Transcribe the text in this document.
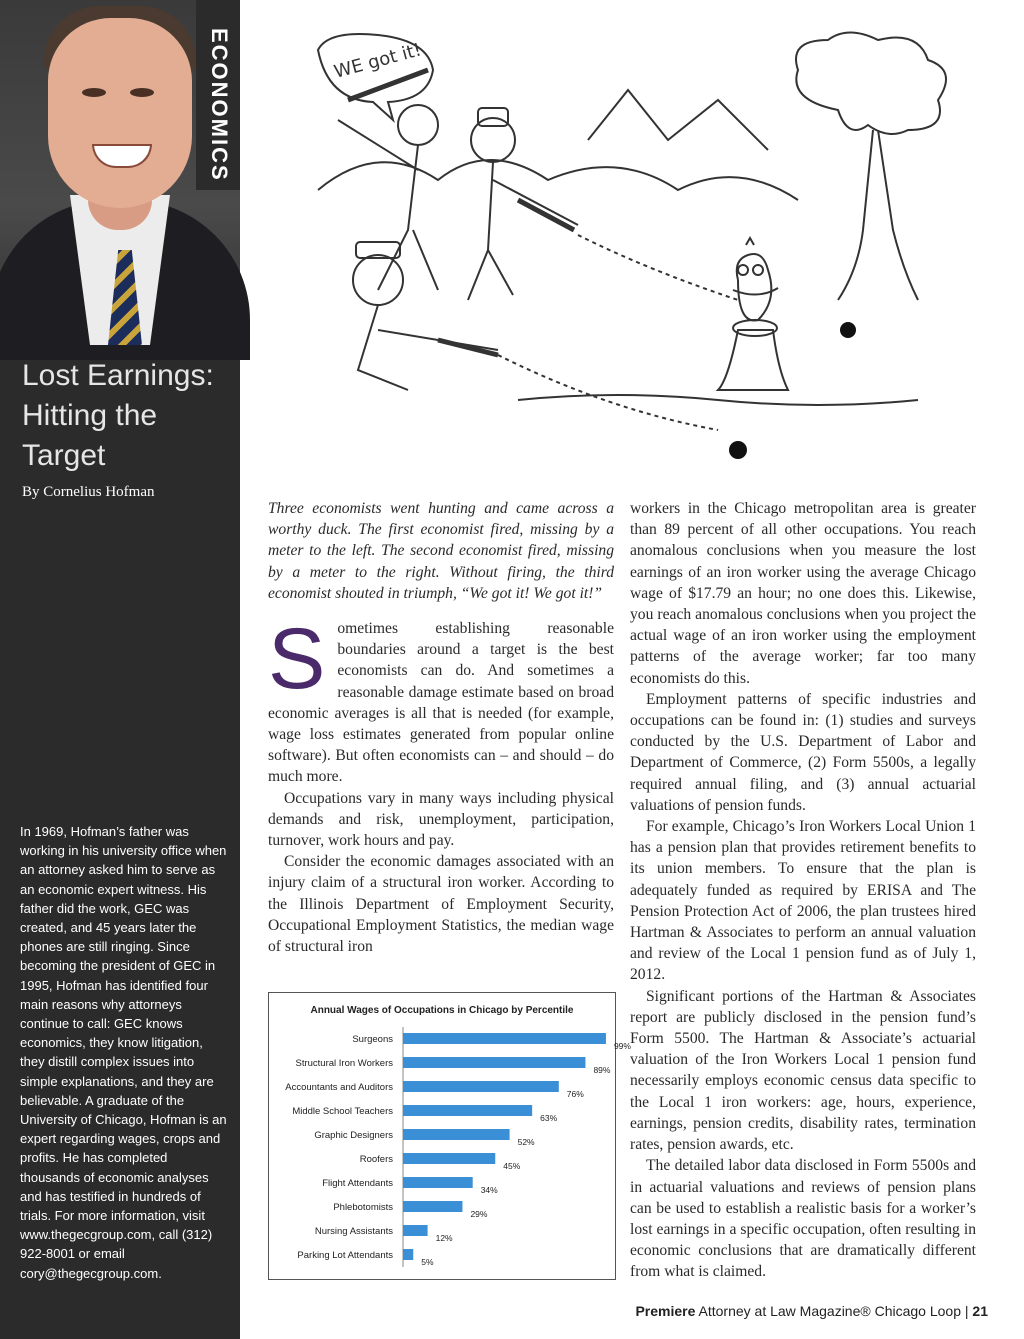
ECONOMICS
Lost Earnings: Hitting the Target
By Cornelius Hofman
In 1969, Hofman’s father was working in his university office when an attorney asked him to serve as an economic expert witness. His father did the work, GEC was created, and 45 years later the phones are still ringing. Since becoming the president of GEC in 1995, Hofman has identified four main reasons why attorneys continue to call: GEC knows economics, they know litigation, they distill complex issues into simple explanations, and they are believable. A graduate of the University of Chicago, Hofman is an expert regarding wages, crops and profits. He has completed thousands of economic analyses and has testified in hundreds of trials. For more information, visit www.thegecgroup.com, call (312) 922-8001 or email cory@thegecgroup.com.
WE got it!

Three economists went hunting and came across a worthy duck. The first economist fired, missing by a meter to the left. The second economist fired, missing by a meter to the right. Without firing, the third economist shouted in triumph, “We got it! We got it!”

Sometimes establishing reasonable boundaries around a target is the best economists can do. And sometimes a reasonable damage estimate based on broad economic averages is all that is needed (for example, wage loss estimates generated from popular online software). But often economists can – and should – do much more.

Occupations vary in many ways including physical demands and risk, unemployment, participation, turnover, work hours and pay.

Consider the economic damages associated with an injury claim of a structural iron worker. According to the Illinois Department of Employment Security, Occupational Employment Statistics, the median wage of structural iron

Annual Wages of Occupations in Chicago by Percentile
Surgeons
99%
Structural Iron Workers
89%
Accountants and Auditors
76%
Middle School Teachers
63%
Graphic Designers
52%
Roofers
45%
Flight Attendants
34%
Phlebotomists
29%
Nursing Assistants
12%
Parking Lot Attendants
5%

workers in the Chicago metropolitan area is greater than 89 percent of all other occupations. You reach anomalous conclusions when you measure the lost earnings of an iron worker using the average Chicago wage of $17.79 an hour; no one does this. Likewise, you reach anomalous conclusions when you project the actual wage of an iron worker using the employment patterns of the average worker; far too many economists do this.

Employment patterns of specific industries and occupations can be found in: (1) studies and surveys conducted by the U.S. Department of Labor and Department of Commerce, (2) Form 5500s, a legally required annual filing, and (3) annual actuarial valuations of pension funds.

For example, Chicago’s Iron Workers Local Union 1 has a pension plan that provides retirement benefits to its union members. To ensure that the plan is adequately funded as required by ERISA and The Pension Protection Act of 2006, the plan trustees hired Hartman & Associates to perform an annual valuation and review of the Local 1 pension fund as of July 1, 2012.

Significant portions of the Hartman & Associates report are publicly disclosed in the pension fund’s Form 5500. The Hartman & Associate’s actuarial valuation of the Iron Workers Local 1 pension fund necessarily employs economic census data specific to the Local 1 iron workers: age, hours, experience, earnings, pension credits, disability rates, termination rates, pension awards, etc.

The detailed labor data disclosed in Form 5500s and in actuarial valuations and reviews of pension plans can be used to establish a realistic basis for a worker’s lost earnings in a specific occupation, often resulting in economic conclusions that are dramatically different from what is claimed.

Premiere Attorney at Law Magazine® Chicago Loop | 21
